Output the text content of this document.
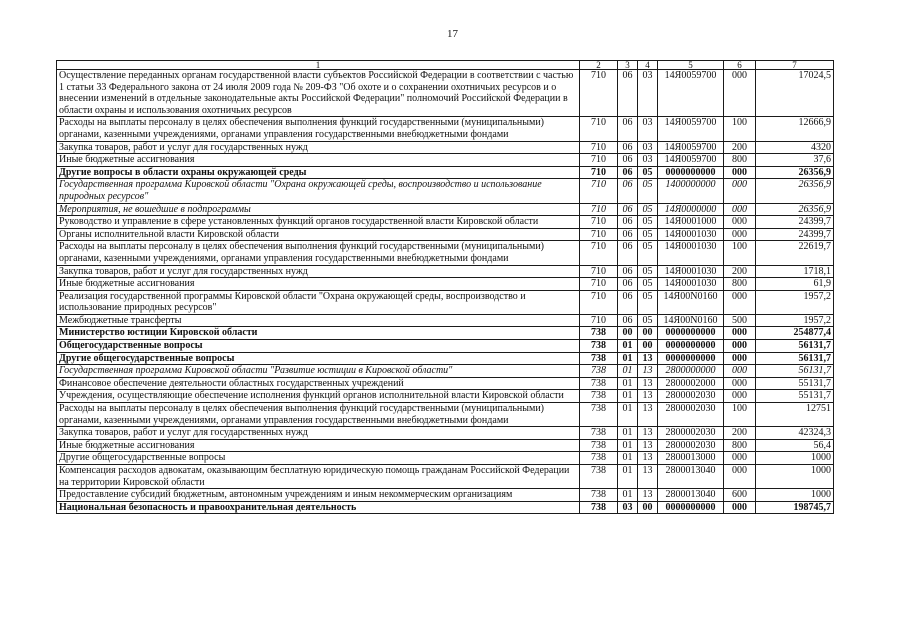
17
1	2	3	4	5	6	7
Осуществление переданных органам государственной власти субъектов Российской Федерации в соответствии с частью 1 статьи 33 Федерального закона от 24 июля 2009 года № 209-ФЗ "Об охоте и о сохранении охотничьих ресурсов и о внесении изменений в отдельные законодательные акты Российской Федерации" полномочий Российской Федерации в области охраны и использования охотничьих ресурсов	710	06	03	14Я0059700	000	17024,5
Расходы на выплаты персоналу в целях обеспечения выполнения функций государственными (муниципальными) органами, казенными учреждениями, органами управления государственными внебюджетными фондами	710	06	03	14Я0059700	100	12666,9
Закупка товаров, работ и услуг для государственных нужд	710	06	03	14Я0059700	200	4320
Иные бюджетные ассигнования	710	06	03	14Я0059700	800	37,6
Другие вопросы в области охраны окружающей среды	710	06	05	0000000000	000	26356,9
Государственная программа Кировской области "Охрана окружающей среды, воспроизводство и использование природных ресурсов"	710	06	05	1400000000	000	26356,9
Мероприятия, не вошедшие в подпрограммы	710	06	05	14Я0000000	000	26356,9
Руководство и управление в сфере установленных функций органов государственной власти Кировской области	710	06	05	14Я0001000	000	24399,7
Органы исполнительной власти Кировской области	710	06	05	14Я0001030	000	24399,7
Расходы на выплаты персоналу в целях обеспечения выполнения функций государственными (муниципальными) органами, казенными учреждениями, органами управления государственными внебюджетными фондами	710	06	05	14Я0001030	100	22619,7
Закупка товаров, работ и услуг для государственных нужд	710	06	05	14Я0001030	200	1718,1
Иные бюджетные ассигнования	710	06	05	14Я0001030	800	61,9
Реализация государственной программы Кировской области "Охрана окружающей среды, воспроизводство и использование природных ресурсов"	710	06	05	14Я00N0160	000	1957,2
Межбюджетные трансферты	710	06	05	14Я00N0160	500	1957,2
Министерство юстиции Кировской области	738	00	00	0000000000	000	254877,4
Общегосударственные вопросы	738	01	00	0000000000	000	56131,7
Другие общегосударственные вопросы	738	01	13	0000000000	000	56131,7
Государственная программа Кировской области "Развитие юстиции в Кировской области"	738	01	13	2800000000	000	56131,7
Финансовое обеспечение деятельности областных государственных учреждений	738	01	13	2800002000	000	55131,7
Учреждения, осуществляющие обеспечение исполнения функций органов исполнительной власти Кировской области	738	01	13	2800002030	000	55131,7
Расходы на выплаты персоналу в целях обеспечения выполнения функций государственными (муниципальными) органами, казенными учреждениями, органами управления государственными внебюджетными фондами	738	01	13	2800002030	100	12751
Закупка товаров, работ и услуг для государственных нужд	738	01	13	2800002030	200	42324,3
Иные бюджетные ассигнования	738	01	13	2800002030	800	56,4
Другие общегосударственные вопросы	738	01	13	2800013000	000	1000
Компенсация расходов адвокатам, оказывающим бесплатную юридическую помощь гражданам Российской Федерации на территории Кировской области	738	01	13	2800013040	000	1000
Предоставление субсидий бюджетным, автономным учреждениям и иным некоммерческим организациям	738	01	13	2800013040	600	1000
Национальная безопасность и правоохранительная деятельность	738	03	00	0000000000	000	198745,7
